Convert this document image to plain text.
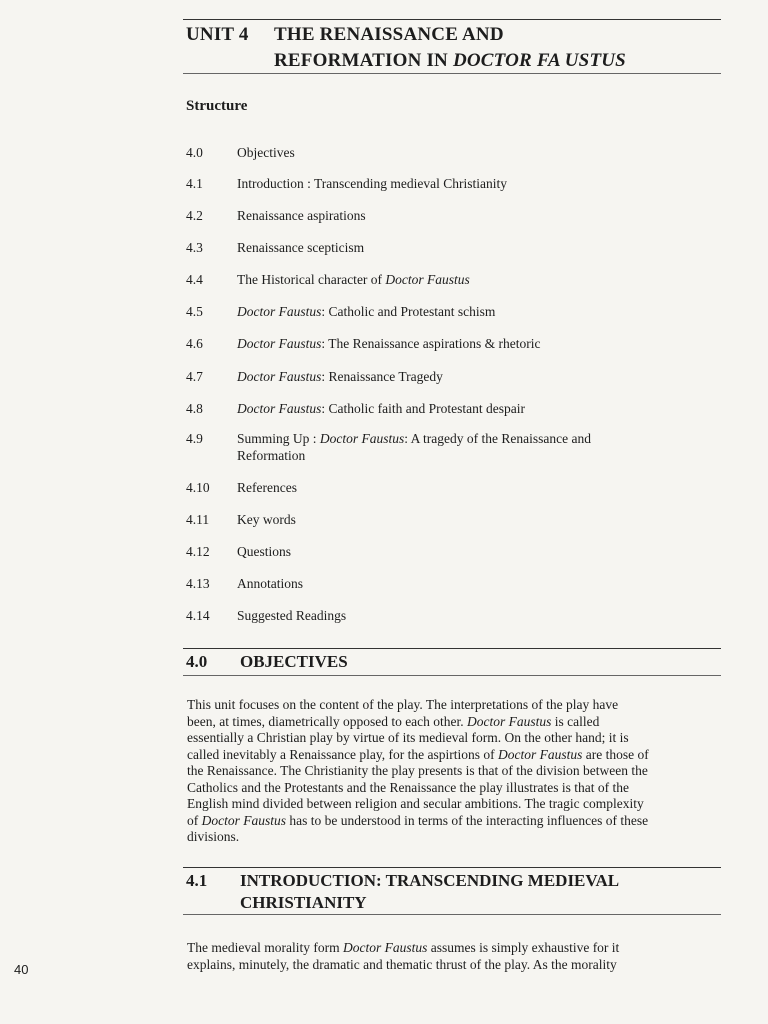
UNIT 4 THE RENAISSANCE AND
REFORMATION IN DOCTOR FA USTUS
Structure
4.0	Objectives
4.1	Introduction : Transcending medieval Christianity
4.2	Renaissance aspirations
4.3	Renaissance scepticism
4.4	The Historical character of Doctor Faustus
4.5	Doctor Faustus: Catholic and Protestant schism
4.6	Doctor Faustus: The Renaissance aspirations & rhetoric
4.7	Doctor Faustus: Renaissance Tragedy
4.8	Doctor Faustus: Catholic faith and Protestant despair
4.9	Summing Up : Doctor Faustus: A tragedy of the Renaissance and
Reformation
4.10	References
4.11	Key words
4.12	Questions
4.13	Annotations
4.14	Suggested Readings
4.0 OBJECTIVES

This unit focuses on the content of the play. The interpretations of the play have
been, at times, diametrically opposed to each other. Doctor Faustus is called
essentially a Christian play by virtue of its medieval form. On the other hand; it is
called inevitably a Renaissance play, for the aspirtions of Doctor Faustus are those of
the Renaissance. The Christianity the play presents is that of the division between the
Catholics and the Protestants and the Renaissance the play illustrates is that of the
English mind divided between religion and secular ambitions. The tragic complexity
of Doctor Faustus has to be understood in terms of the interacting influences of these
divisions.

4.1 INTRODUCTION: TRANSCENDING MEDIEVAL
CHRISTIANITY

The medieval morality form Doctor Faustus assumes is simply exhaustive for it
explains, minutely, the dramatic and thematic thrust of the play. As the morality

40
